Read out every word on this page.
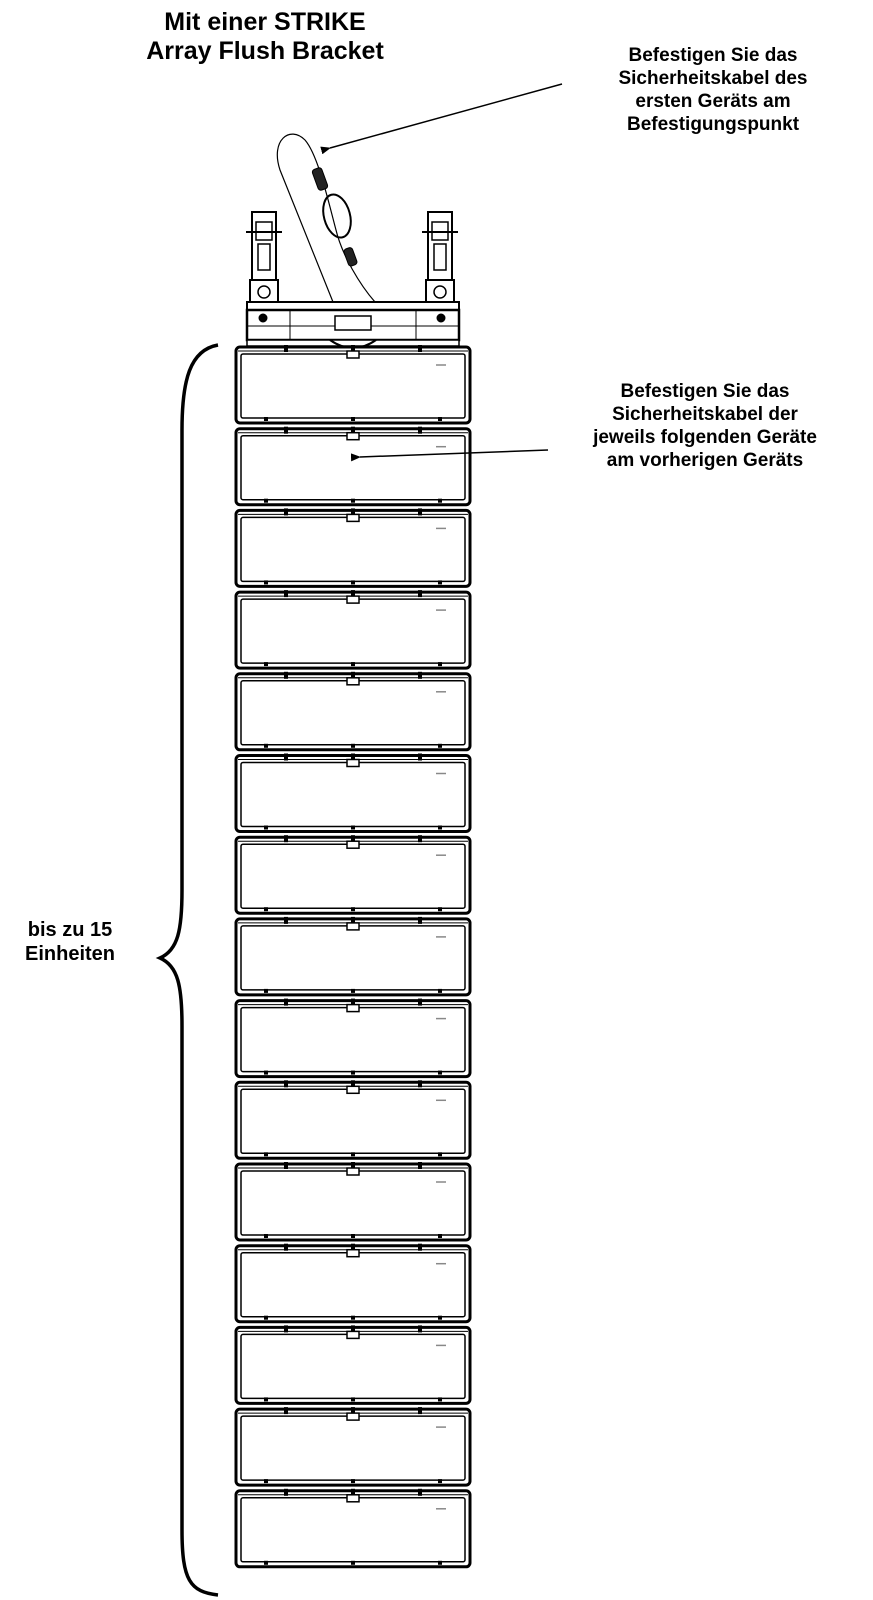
Mit einer STRIKE
Array Flush Bracket	Befestigen Sie das
Sicherheitskabel des
ersten Geräts am
Befestigungspunkt
Befestigen Sie das
Sicherheitskabel der
jeweils folgenden Geräte
am vorherigen Geräts
bis zu 15
Einheiten
